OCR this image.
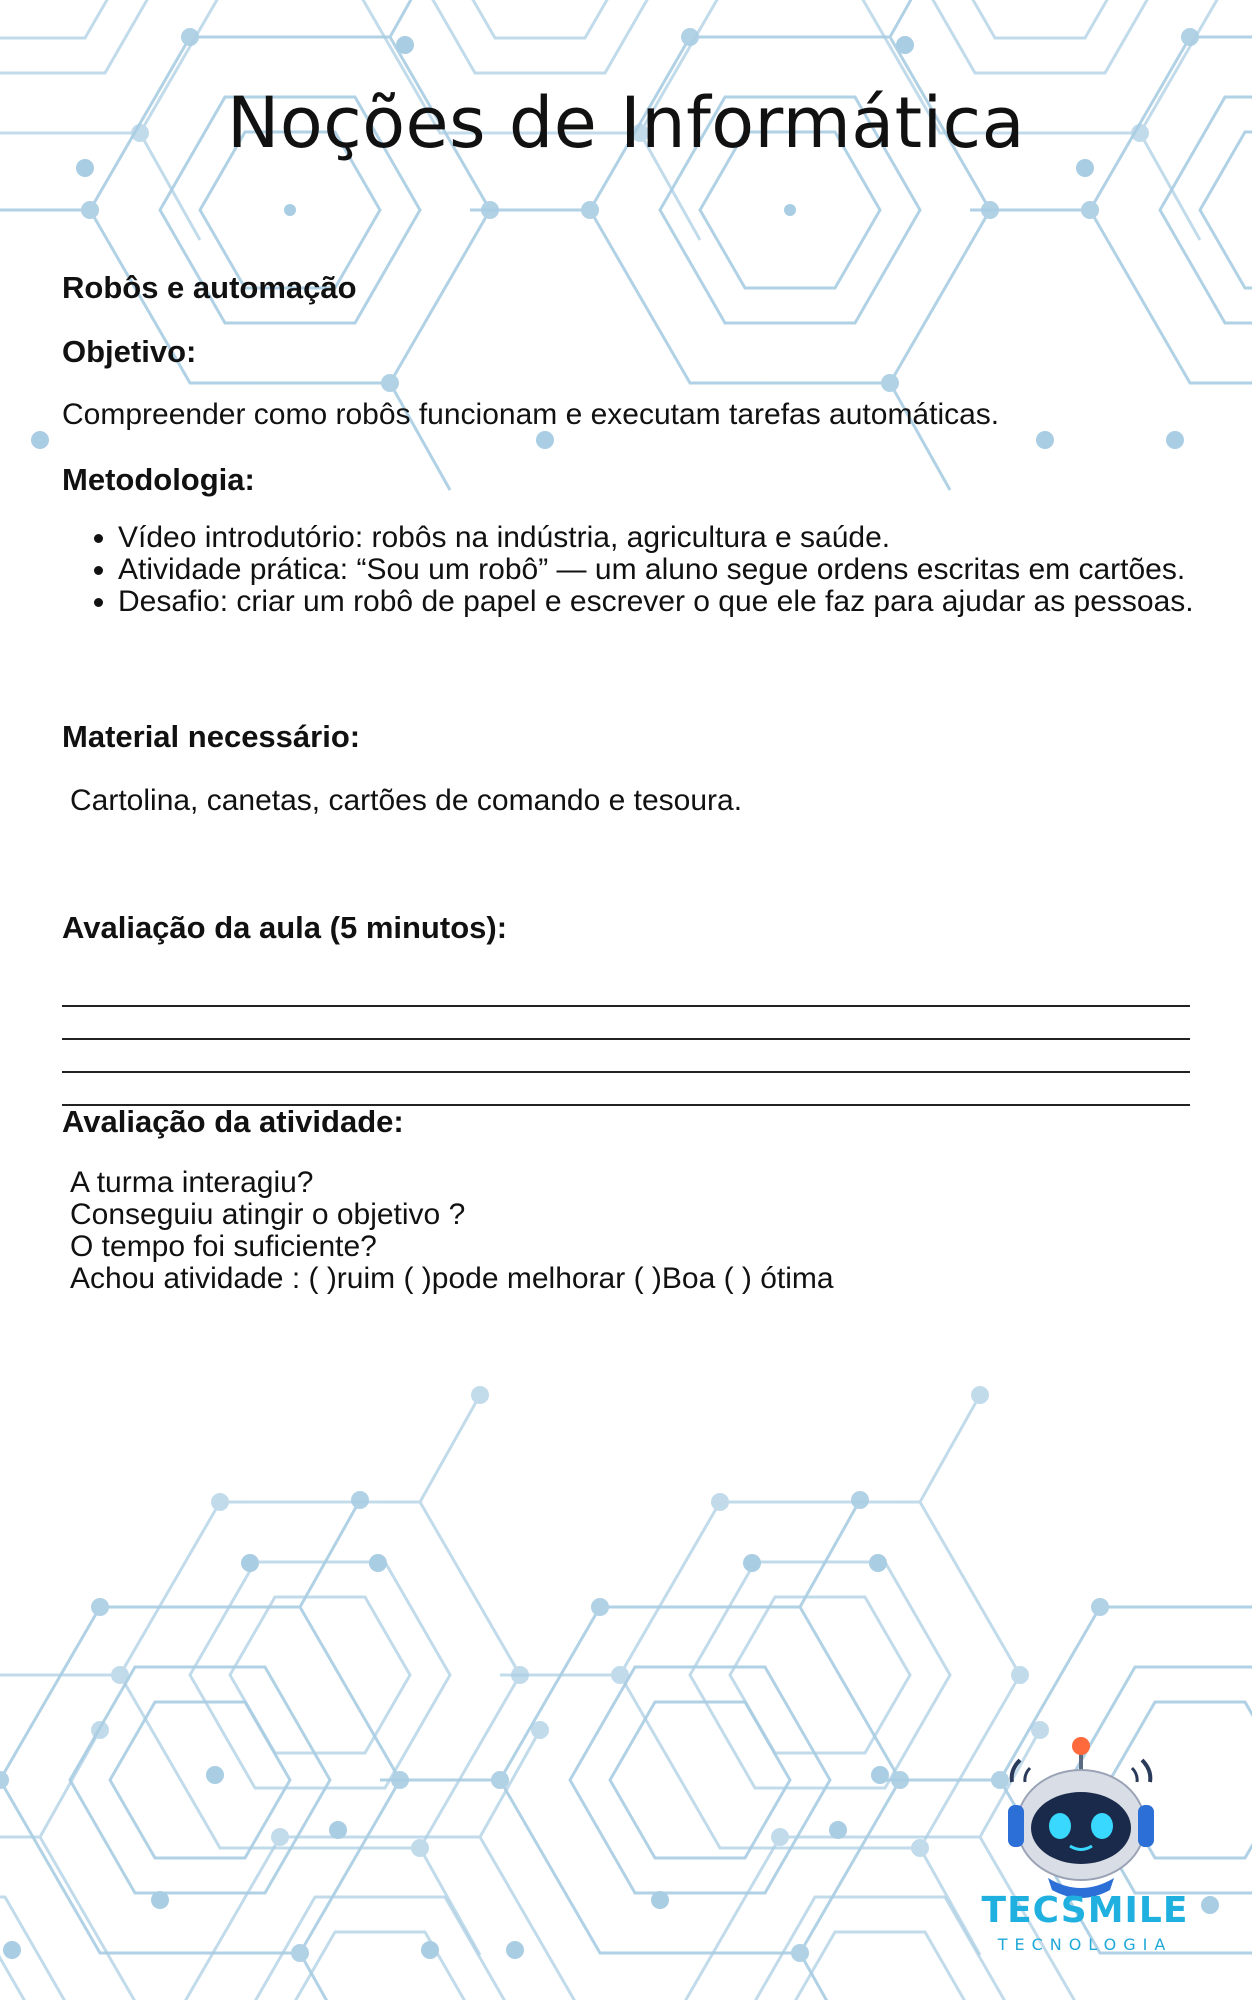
Noções de Informática
Robôs e automação
Objetivo:
Compreender como robôs funcionam e executam tarefas automáticas.
Metodologia:
• Vídeo introdutório: robôs na indústria, agricultura e saúde.
• Atividade prática: “Sou um robô” — um aluno segue ordens escritas em cartões.
• Desafio: criar um robô de papel e escrever o que ele faz para ajudar as pessoas.
Material necessário:
Cartolina, canetas, cartões de comando e tesoura.
Avaliação da aula (5 minutos):
Avaliação da atividade:
A turma interagiu?
Conseguiu atingir o objetivo ?
O tempo foi suficiente?
Achou atividade : ( )ruim ( )pode melhorar ( )Boa ( ) ótima
TECSMILE
TECNOLOGIA
